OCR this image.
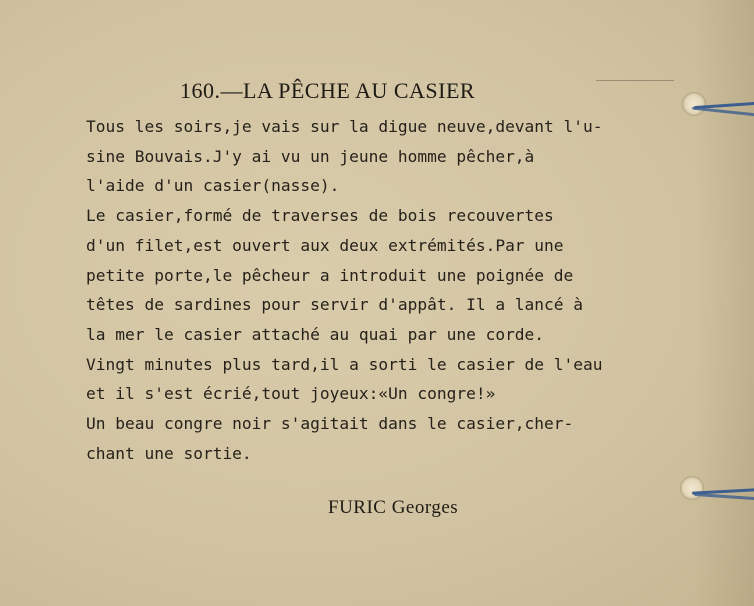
160.—LA PÊCHE AU CASIER
Tous les soirs,je vais sur la digue neuve,devant l'u-
sine Bouvais.J'y ai vu un jeune homme pêcher,à
l'aide d'un casier(nasse).
Le casier,formé de traverses de bois recouvertes
d'un filet,est ouvert aux deux extrémités.Par une
petite porte,le pêcheur a introduit une poignée de
têtes de sardines pour servir d'appât. Il a lancé à
la mer le casier attaché au quai par une corde.
Vingt minutes plus tard,il a sorti le casier de l'eau
et il s'est écrié,tout joyeux:«Un congre!»
Un beau congre noir s'agitait dans le casier,cher-
chant une sortie.
FURIC Georges
